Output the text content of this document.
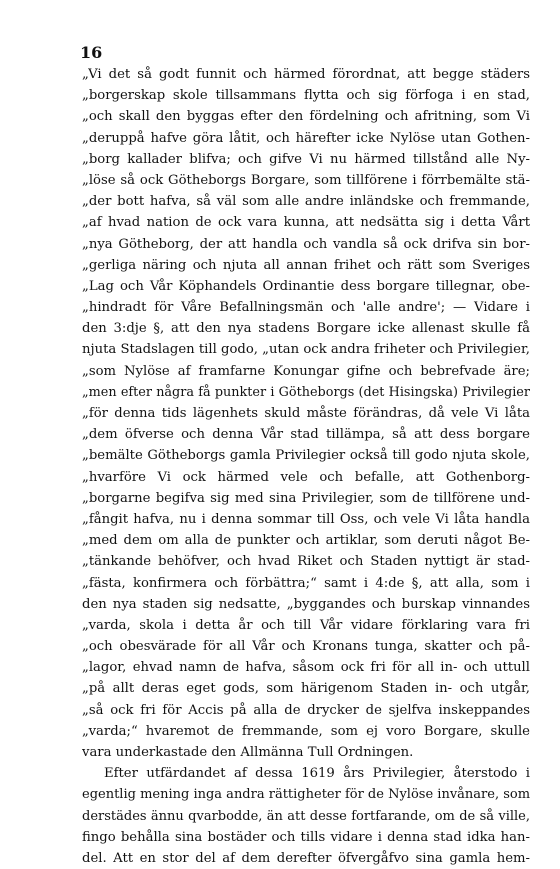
16
„Vi det så godt funnit och härmed förordnat, att begge städers
„borgerskap skole tillsammans flytta och sig förfoga i en stad,
„och skall den byggas efter den fördelning och afritning, som Vi
„deruppå hafve göra låtit, och härefter icke Nylöse utan Gothen-
„borg kallader blifva; och gifve Vi nu härmed tillstånd alle Ny-
„löse så ock Götheborgs Borgare, som tillförene i förrbemälte stä-
„der bott hafva, så väl som alle andre inländske och fremmande,
„af hvad nation de ock vara kunna, att nedsätta sig i detta Vårt
„nya Götheborg, der att handla och vandla så ock drifva sin bor-
„gerliga näring och njuta all annan frihet och rätt som Sveriges
„Lag och Vår Köphandels Ordinantie dess borgare tillegnar, obe-
„hindradt för Våre Befallningsmän och 'alle andre'; — Vidare i
den 3:dje §, att den nya stadens Borgare icke allenast skulle få
njuta Stadslagen till godo, „utan ock andra friheter och Privilegier,
„som Nylöse af framfarne Konungar gifne och bebrefvade äre;
„men efter några få punkter i Götheborgs (det Hisingska) Privilegier
„för denna tids lägenhets skuld måste förändras, då vele Vi låta
„dem öfverse och denna Vår stad tillämpa, så att dess borgare
„bemälte Götheborgs gamla Privilegier också till godo njuta skole,
„hvarföre Vi ock härmed vele och befalle, att Gothenborg-
„borgarne begifva sig med sina Privilegier, som de tillförene und-
„fångit hafva, nu i denna sommar till Oss, och vele Vi låta handla
„med dem om alla de punkter och artiklar, som deruti något Be-
„tänkande behöfver, och hvad Riket och Staden nyttigt är stad-
„fästa, konfirmera och förbättra;“ samt i 4:de §, att alla, som i
den nya staden sig nedsatte, „byggandes och burskap vinnandes
„varda, skola i detta år och till Vår vidare förklaring vara fri
„och obesvärade för all Vår och Kronans tunga, skatter och på-
„lagor, ehvad namn de hafva, såsom ock fri för all in- och uttull
„på allt deras eget gods, som härigenom Staden in- och utgår,
„så ock fri för Accis på alla de drycker de sjelfva inskeppandes
„varda;“ hvaremot de fremmande, som ej voro Borgare, skulle
vara underkastade den Allmänna Tull Ordningen.
Efter utfärdandet af dessa 1619 års Privilegier, återstodo i
egentlig mening inga andra rättigheter för de Nylöse invånare, som
derstädes ännu qvarbodde, än att desse fortfarande, om de så ville,
fingo behålla sina bostäder och tills vidare i denna stad idka han-
del. Att en stor del af dem derefter öfvergåfvo sina gamla hem-
